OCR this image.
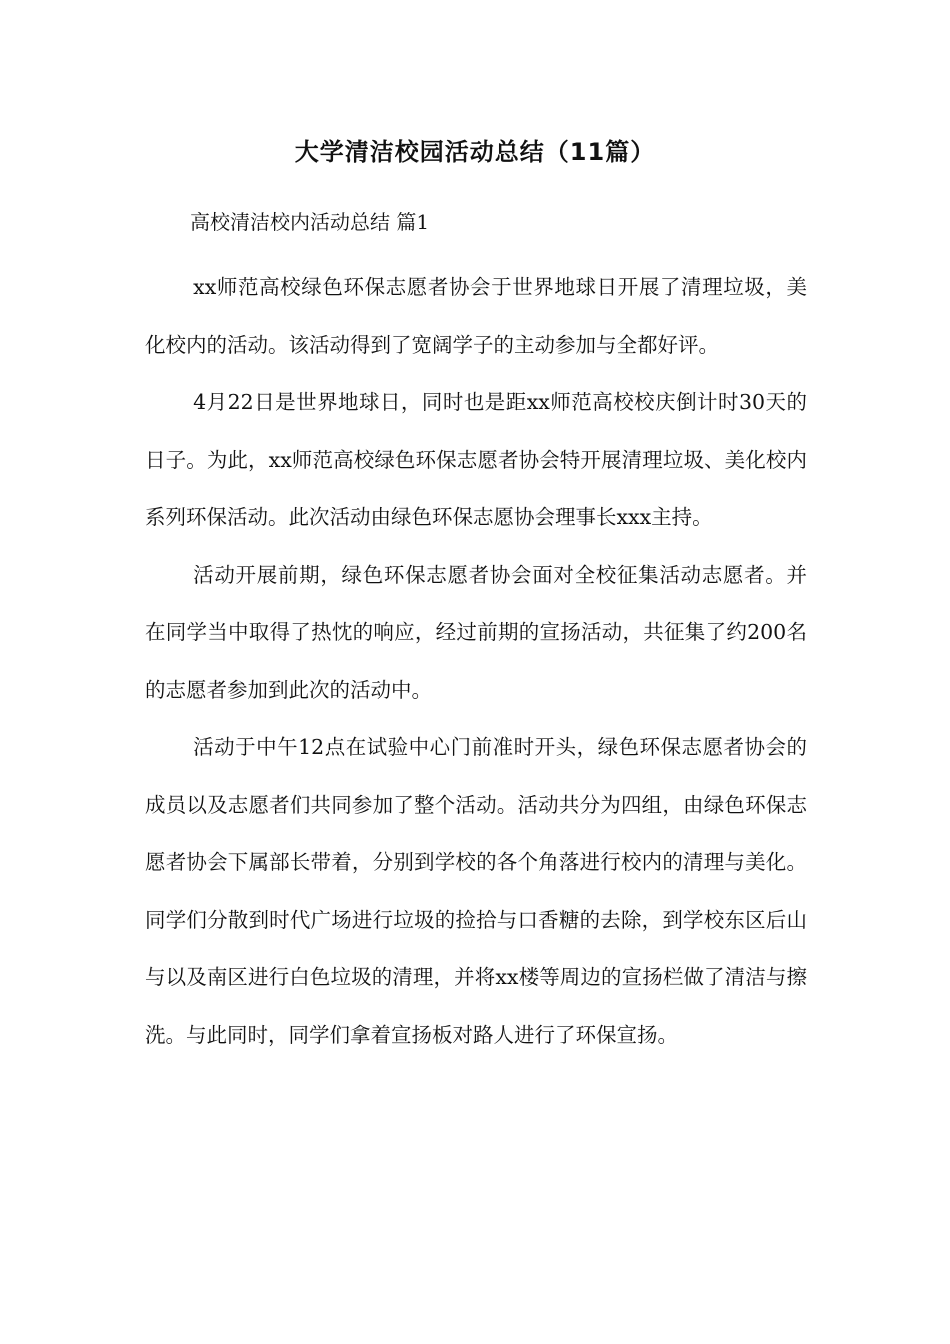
大学清洁校园活动总结（11篇）
高校清洁校内活动总结 篇1

xx师范高校绿色环保志愿者协会于世界地球日开展了清理垃圾，美化校内的活动。该活动得到了宽阔学子的主动参加与全都好评。

4月22日是世界地球日，同时也是距xx师范高校校庆倒计时30天的日子。为此，xx师范高校绿色环保志愿者协会特开展清理垃圾、美化校内系列环保活动。此次活动由绿色环保志愿协会理事长xxx主持。

活动开展前期，绿色环保志愿者协会面对全校征集活动志愿者。并在同学当中取得了热忱的响应，经过前期的宣扬活动，共征集了约200名的志愿者参加到此次的活动中。

活动于中午12点在试验中心门前准时开头，绿色环保志愿者协会的成员以及志愿者们共同参加了整个活动。活动共分为四组，由绿色环保志愿者协会下属部长带着，分别到学校的各个角落进行校内的清理与美化。同学们分散到时代广场进行垃圾的捡拾与口香糖的去除，到学校东区后山与以及南区进行白色垃圾的清理，并将xx楼等周边的宣扬栏做了清洁与擦洗。与此同时，同学们拿着宣扬板对路人进行了环保宣扬。
